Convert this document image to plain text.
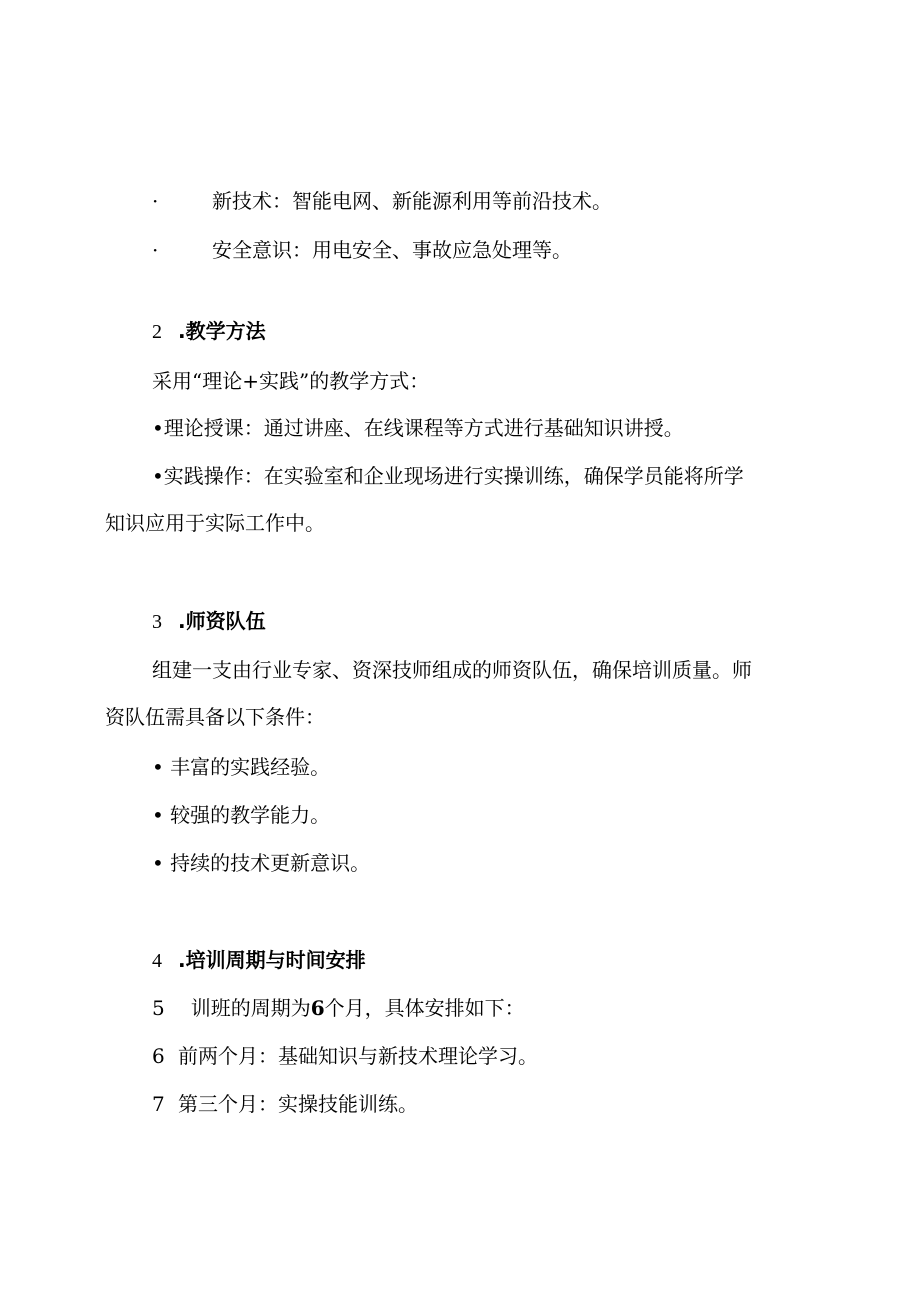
·	新技术：智能电网、新能源利用等前沿技术。
·	安全意识：用电安全、事故应急处理等。
2 .教学方法
采用“理论+实践”的教学方式：
•理论授课：通过讲座、在线课程等方式进行基础知识讲授。
•实践操作：在实验室和企业现场进行实操训练，确保学员能将所学
知识应用于实际工作中。
3 .师资队伍
组建一支由行业专家、资深技师组成的师资队伍，确保培训质量。师
资队伍需具备以下条件：
• 丰富的实践经验。
• 较强的教学能力。
• 持续的技术更新意识。
4 .培训周期与时间安排
5  训班的周期为6个月，具体安排如下：
6 前两个月：基础知识与新技术理论学习。
7 第三个月：实操技能训练。
